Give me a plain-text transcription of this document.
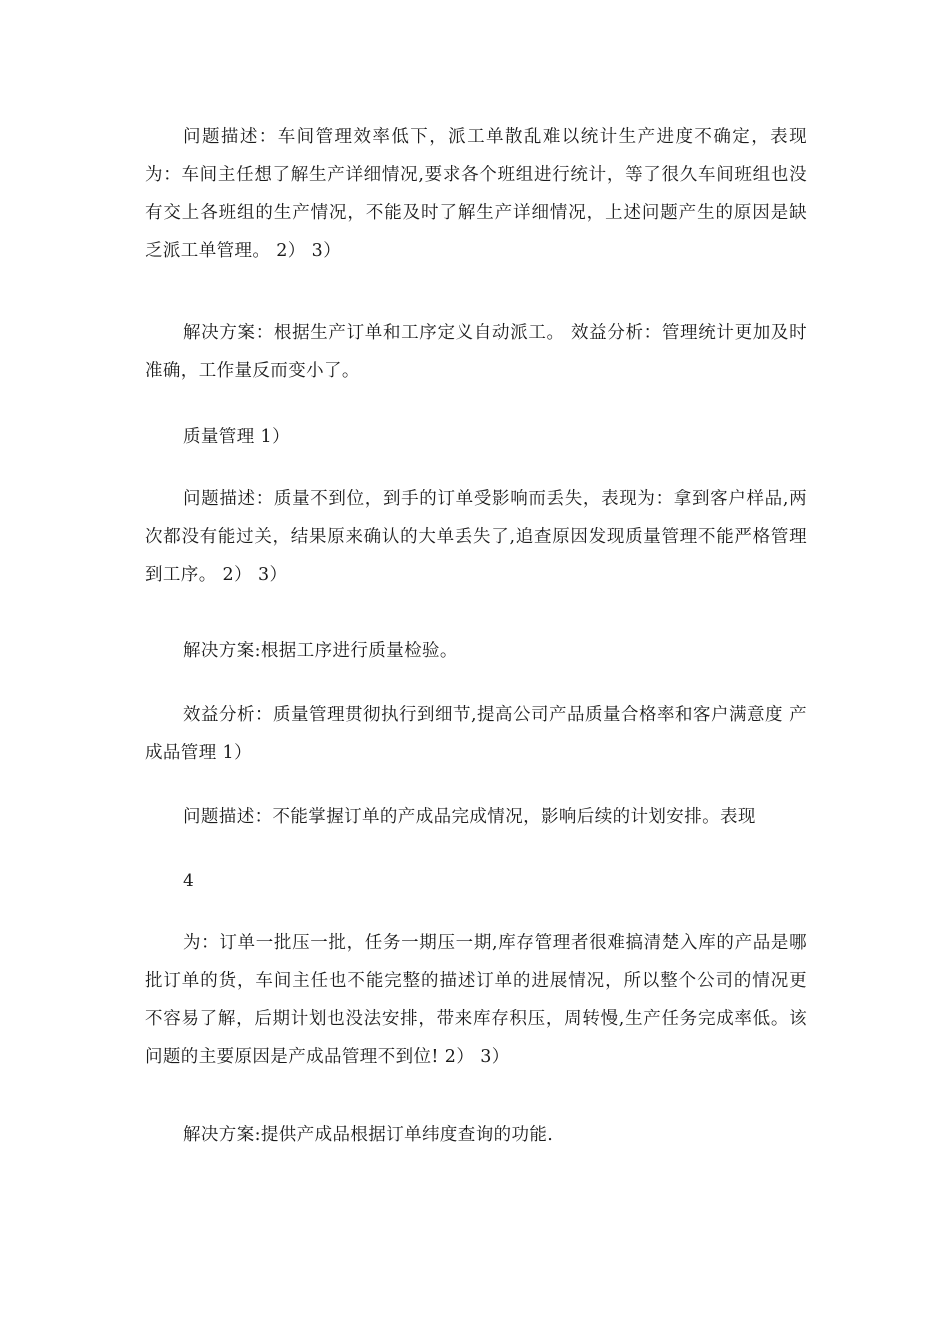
问题描述：车间管理效率低下，派工单散乱难以统计生产进度不确定，表现为：车间主任想了解生产详细情况,要求各个班组进行统计，等了很久车间班组也没有交上各班组的生产情况，不能及时了解生产详细情况，上述问题产生的原因是缺乏派工单管理。 2） 3）

解决方案：根据生产订单和工序定义自动派工。 效益分析：管理统计更加及时准确，工作量反而变小了。

质量管理 1）

问题描述：质量不到位，到手的订单受影响而丢失，表现为：拿到客户样品,两次都没有能过关，结果原来确认的大单丢失了,追查原因发现质量管理不能严格管理到工序。 2） 3）

解决方案:根据工序进行质量检验。

效益分析：质量管理贯彻执行到细节,提高公司产品质量合格率和客户满意度 产成品管理 1）

问题描述：不能掌握订单的产成品完成情况，影响后续的计划安排。表现

4

为：订单一批压一批，任务一期压一期,库存管理者很难搞清楚入库的产品是哪批订单的货，车间主任也不能完整的描述订单的进展情况，所以整个公司的情况更不容易了解，后期计划也没法安排，带来库存积压，周转慢,生产任务完成率低。该问题的主要原因是产成品管理不到位! 2） 3）

解决方案:提供产成品根据订单纬度查询的功能.
